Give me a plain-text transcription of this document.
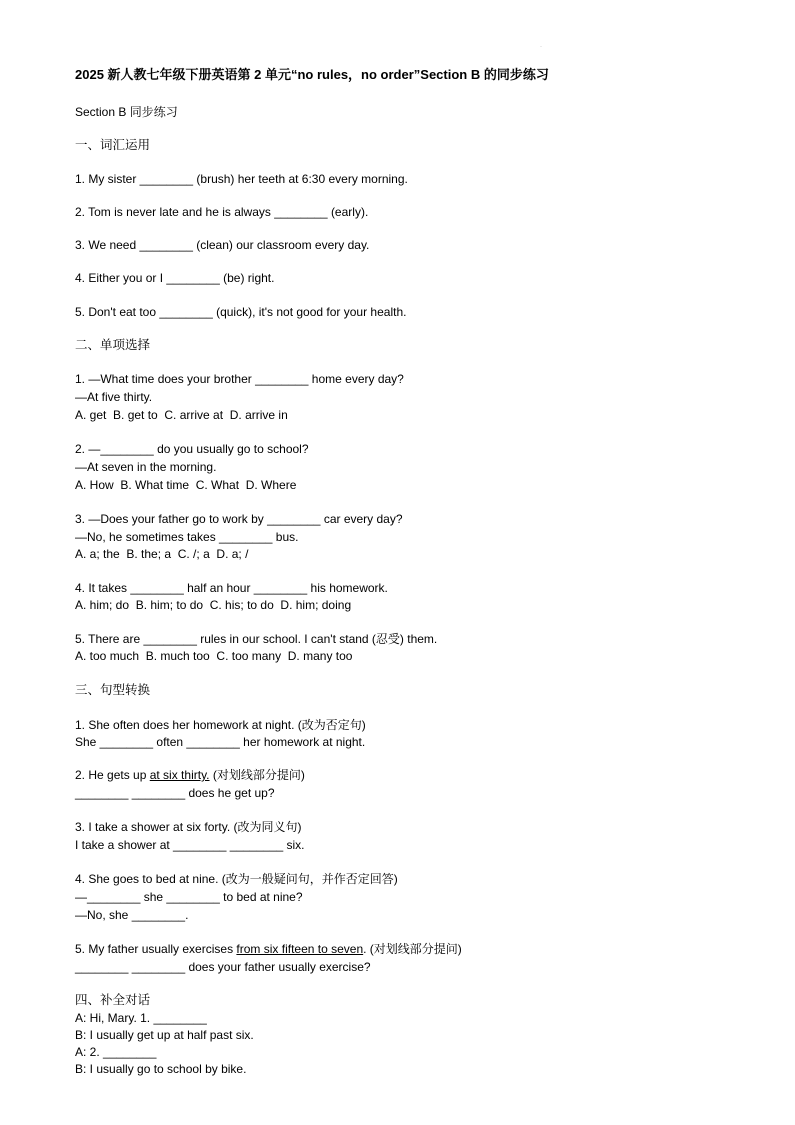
·
2025 新人教七年级下册英语第 2 单元“no rules，no order”Section B 的同步练习
Section B 同步练习
一、词汇运用
1. My sister ________ (brush) her teeth at 6:30 every morning.
2. Tom is never late and he is always ________ (early).
3. We need ________ (clean) our classroom every day.
4. Either you or I ________ (be) right.
5. Don't eat too ________ (quick), it's not good for your health.
二、单项选择
1. —What time does your brother ________ home every day?
—At five thirty.
A. get  B. get to  C. arrive at  D. arrive in
2. —________ do you usually go to school?
—At seven in the morning.
A. How  B. What time  C. What  D. Where
3. —Does your father go to work by ________ car every day?
—No, he sometimes takes ________ bus.
A. a; the  B. the; a  C. /; a  D. a; /
4. It takes ________ half an hour ________ his homework.
A. him; do  B. him; to do  C. his; to do  D. him; doing
5. There are ________ rules in our school. I can't stand (忍受) them.
A. too much  B. much too  C. too many  D. many too
三、句型转换
1. She often does her homework at night. (改为否定句)
She ________ often ________ her homework at night.
2. He gets up at six thirty. (对划线部分提问)
________ ________ does he get up?
3. I take a shower at six forty. (改为同义句)
I take a shower at ________ ________ six.
4. She goes to bed at nine. (改为一般疑问句，并作否定回答)
—________ she ________ to bed at nine?
—No, she ________.
5. My father usually exercises from six fifteen to seven. (对划线部分提问)
________ ________ does your father usually exercise?
四、补全对话
A: Hi, Mary. 1. ________
B: I usually get up at half past six.
A: 2. ________
B: I usually go to school by bike.
